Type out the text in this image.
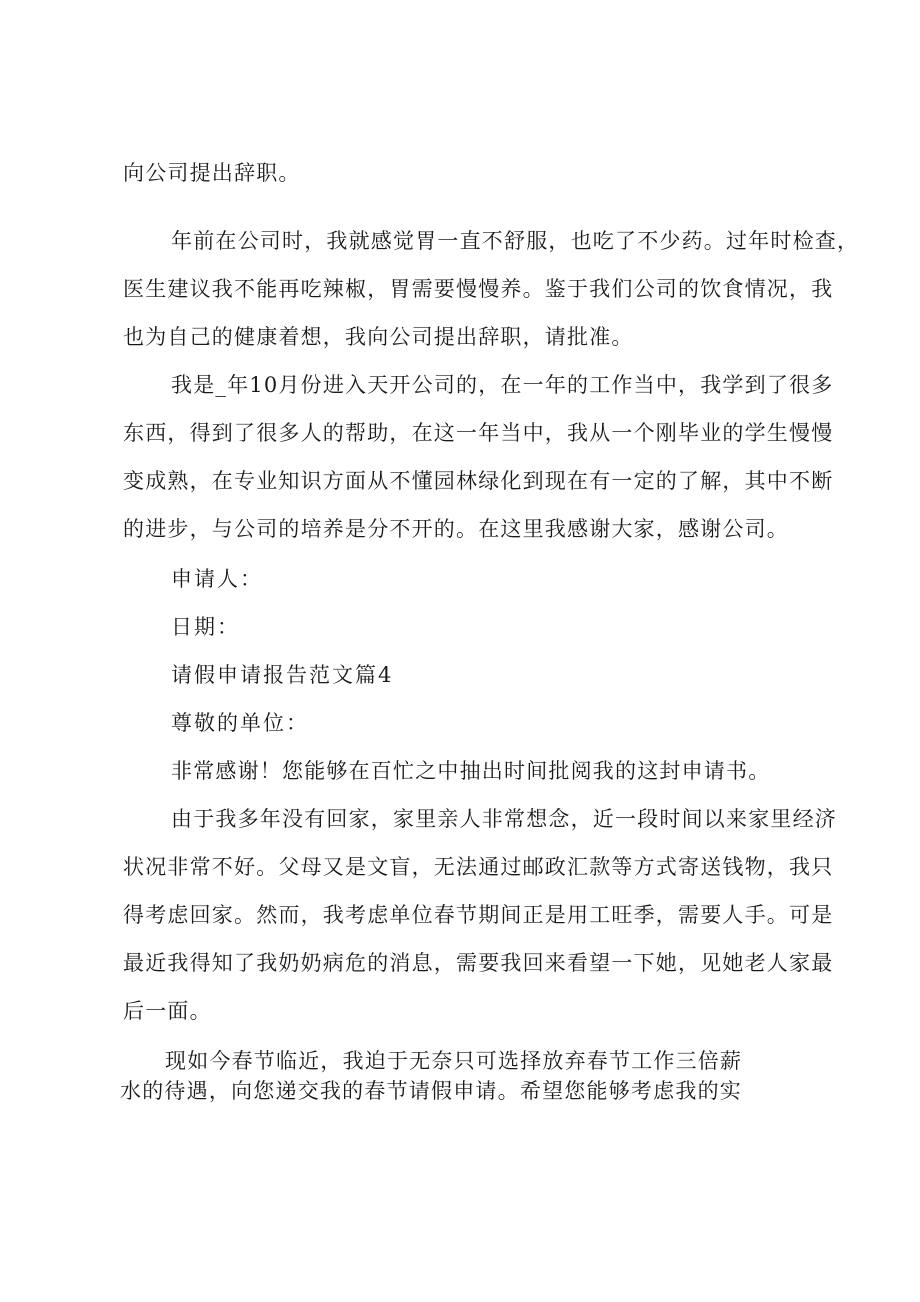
向公司提出辞职。
年前在公司时，我就感觉胃一直不舒服，也吃了不少药。过年时检查，
医生建议我不能再吃辣椒，胃需要慢慢养。鉴于我们公司的饮食情况，我
也为自己的健康着想，我向公司提出辞职，请批准。
我是_年10月份进入天开公司的，在一年的工作当中，我学到了很多
东西，得到了很多人的帮助，在这一年当中，我从一个刚毕业的学生慢慢
变成熟，在专业知识方面从不懂园林绿化到现在有一定的了解，其中不断
的进步，与公司的培养是分不开的。在这里我感谢大家，感谢公司。
申请人：
日期：
请假申请报告范文篇4
尊敬的单位：
非常感谢！您能够在百忙之中抽出时间批阅我的这封申请书。
由于我多年没有回家，家里亲人非常想念，近一段时间以来家里经济
状况非常不好。父母又是文盲，无法通过邮政汇款等方式寄送钱物，我只
得考虑回家。然而，我考虑单位春节期间正是用工旺季，需要人手。可是
最近我得知了我奶奶病危的消息，需要我回来看望一下她，见她老人家最
后一面。
现如今春节临近，我迫于无奈只可选择放弃春节工作三倍薪
水的待遇，向您递交我的春节请假申请。希望您能够考虑我的实
